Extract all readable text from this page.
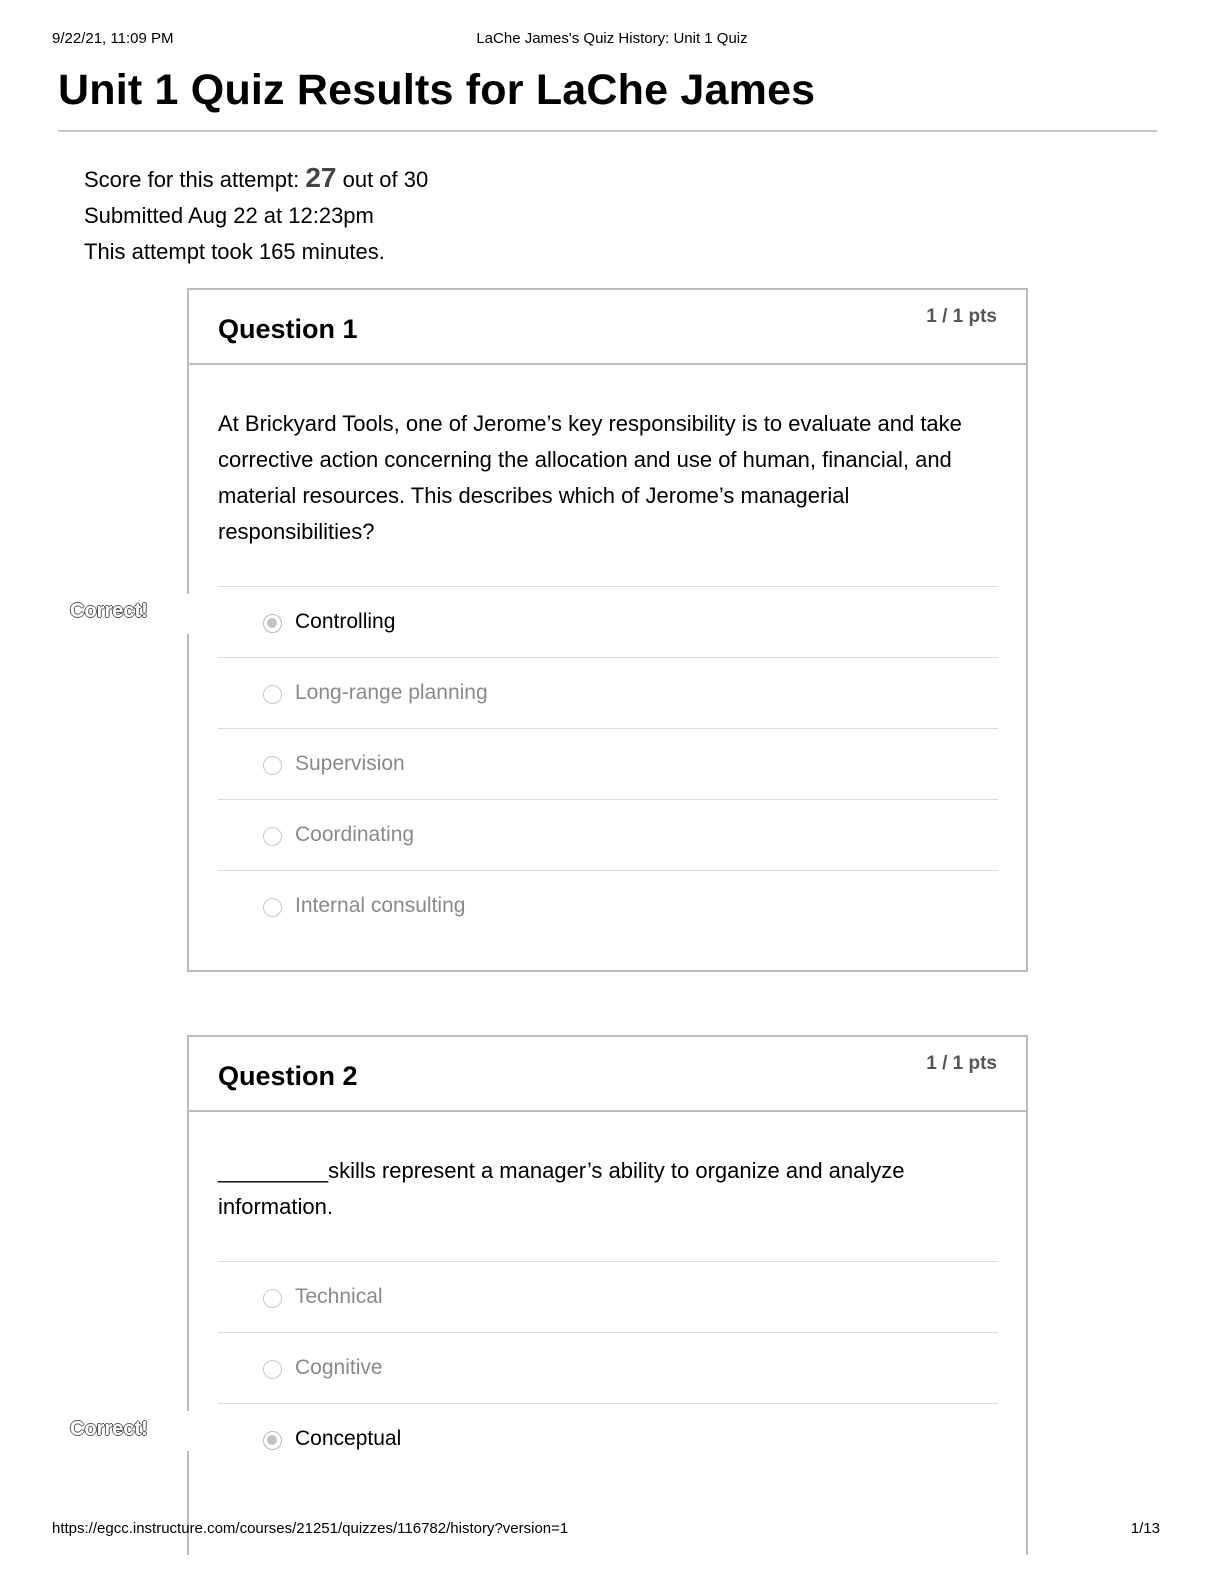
9/22/21, 11:09 PM	LaChe James's Quiz History: Unit 1 Quiz
Unit 1 Quiz Results for LaChe James
Score for this attempt: 27 out of 30
Submitted Aug 22 at 12:23pm
This attempt took 165 minutes.
Correct!
Question 1	1 / 1 pts
At Brickyard Tools, one of Jerome’s key responsibility is to evaluate and take corrective action concerning the allocation and use of human, financial, and material resources. This describes which of Jerome’s managerial responsibilities?
Controlling
Long-range planning
Supervision
Coordinating
Internal consulting
Correct!
Question 2	1 / 1 pts
_________skills represent a manager’s ability to organize and analyze information.
Technical
Cognitive
Conceptual
https://egcc.instructure.com/courses/21251/quizzes/116782/history?version=1	1/13
